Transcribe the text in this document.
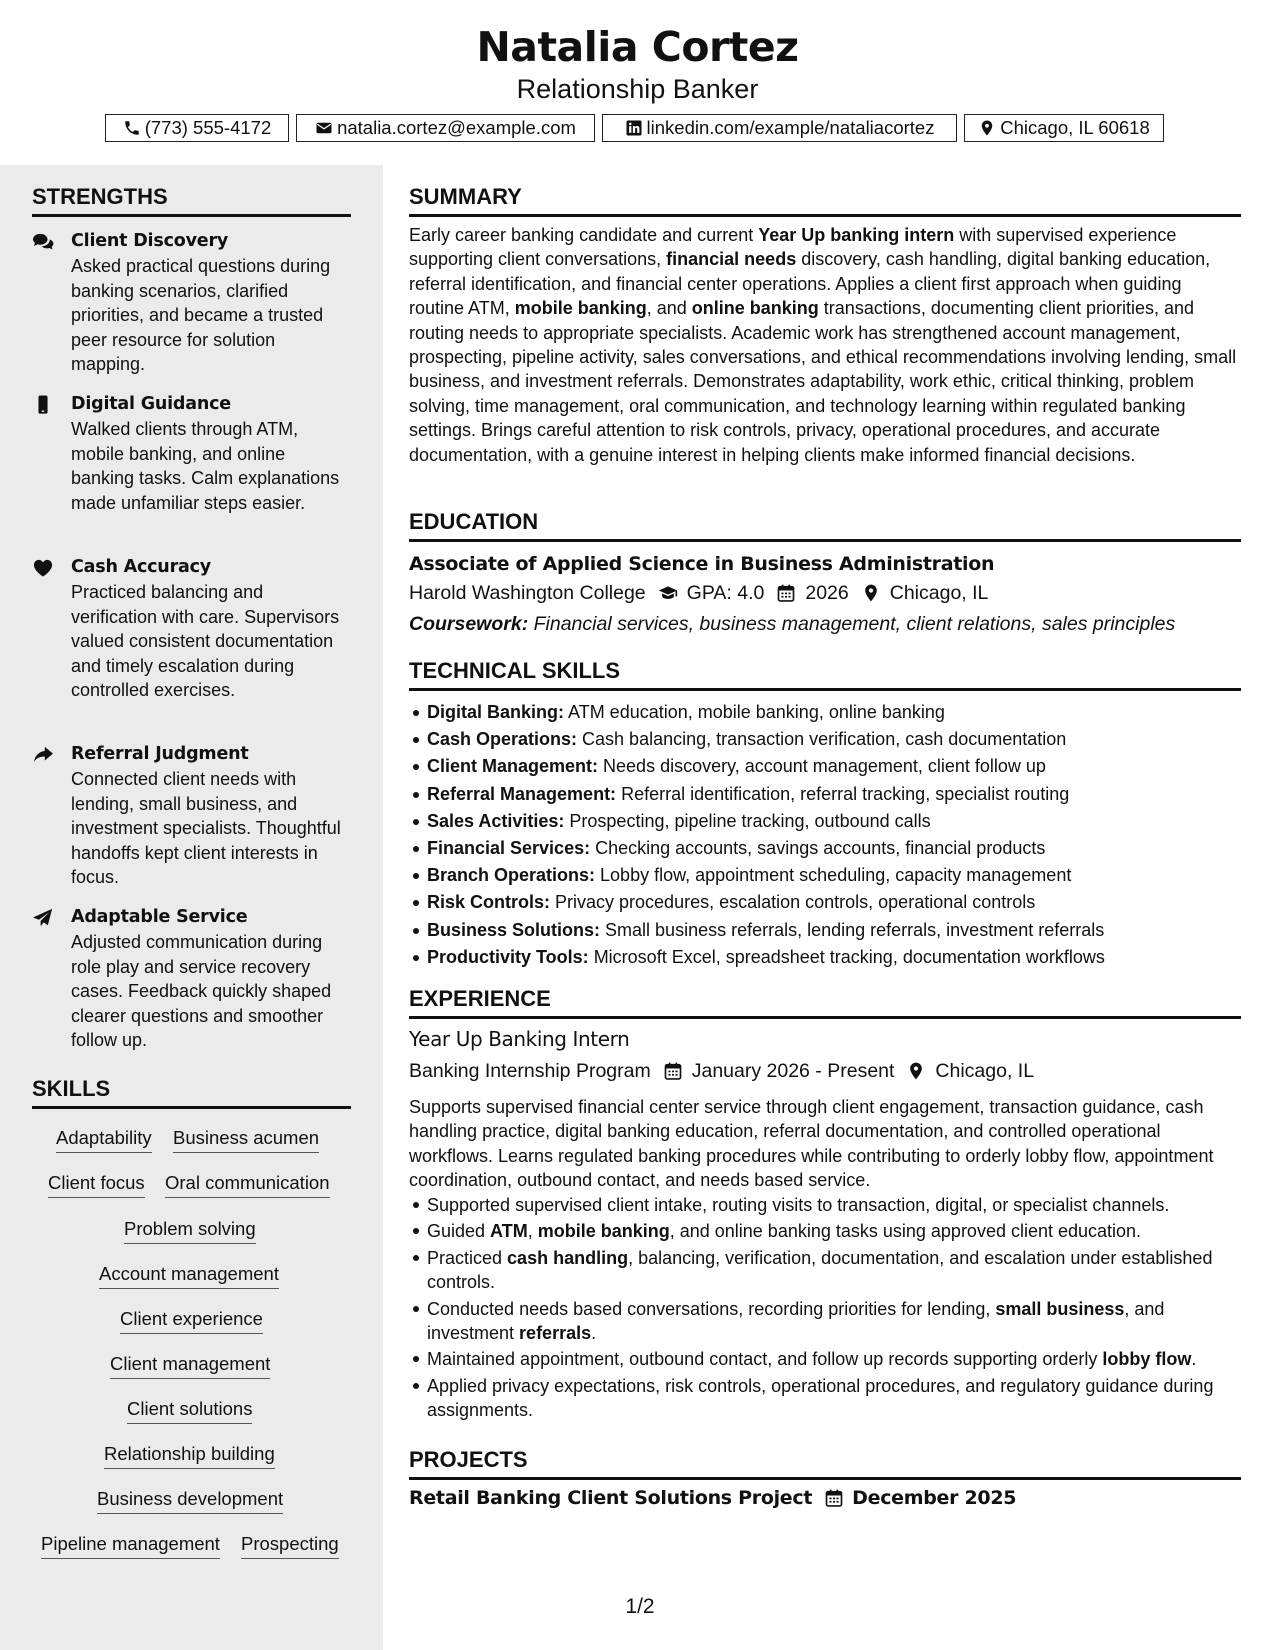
Natalia Cortez
Relationship Banker
(773) 555-4172	natalia.cortez@example.com	linkedin.com/example/nataliacortez	Chicago, IL 60618
STRENGTHS
Client Discovery
Asked practical questions during banking scenarios, clarified priorities, and became a trusted peer resource for solution mapping.
Digital Guidance
Walked clients through ATM, mobile banking, and online banking tasks. Calm explanations made unfamiliar steps easier.
Cash Accuracy
Practiced balancing and verification with care. Supervisors valued consistent documentation and timely escalation during controlled exercises.
Referral Judgment
Connected client needs with lending, small business, and investment specialists. Thoughtful handoffs kept client interests in focus.
Adaptable Service
Adjusted communication during role play and service recovery cases. Feedback quickly shaped clearer questions and smoother follow up.
SKILLS
Adaptability Business acumen
Client focus Oral communication
Problem solving
Account management
Client experience
Client management
Client solutions
Relationship building
Business development
Pipeline management Prospecting
SUMMARY
Early career banking candidate and current Year Up banking intern with supervised experience supporting client conversations, financial needs discovery, cash handling, digital banking education, referral identification, and financial center operations. Applies a client first approach when guiding routine ATM, mobile banking, and online banking transactions, documenting client priorities, and routing needs to appropriate specialists. Academic work has strengthened account management, prospecting, pipeline activity, sales conversations, and ethical recommendations involving lending, small business, and investment referrals. Demonstrates adaptability, work ethic, critical thinking, problem solving, time management, oral communication, and technology learning within regulated banking settings. Brings careful attention to risk controls, privacy, operational procedures, and accurate documentation, with a genuine interest in helping clients make informed financial decisions.
EDUCATION
Associate of Applied Science in Business Administration
Harold Washington College GPA: 4.0 2026 Chicago, IL
Coursework: Financial services, business management, client relations, sales principles
TECHNICAL SKILLS
Digital Banking: ATM education, mobile banking, online banking
Cash Operations: Cash balancing, transaction verification, cash documentation
Client Management: Needs discovery, account management, client follow up
Referral Management: Referral identification, referral tracking, specialist routing
Sales Activities: Prospecting, pipeline tracking, outbound calls
Financial Services: Checking accounts, savings accounts, financial products
Branch Operations: Lobby flow, appointment scheduling, capacity management
Risk Controls: Privacy procedures, escalation controls, operational controls
Business Solutions: Small business referrals, lending referrals, investment referrals
Productivity Tools: Microsoft Excel, spreadsheet tracking, documentation workflows
EXPERIENCE
Year Up Banking Intern
Banking Internship Program January 2026 - Present Chicago, IL
Supports supervised financial center service through client engagement, transaction guidance, cash handling practice, digital banking education, referral documentation, and controlled operational workflows. Learns regulated banking procedures while contributing to orderly lobby flow, appointment coordination, outbound contact, and needs based service.
Supported supervised client intake, routing visits to transaction, digital, or specialist channels.
Guided ATM, mobile banking, and online banking tasks using approved client education.
Practiced cash handling, balancing, verification, documentation, and escalation under established controls.
Conducted needs based conversations, recording priorities for lending, small business, and investment referrals.
Maintained appointment, outbound contact, and follow up records supporting orderly lobby flow.
Applied privacy expectations, risk controls, operational procedures, and regulatory guidance during assignments.
PROJECTS
Retail Banking Client Solutions Project December 2025
1/2
